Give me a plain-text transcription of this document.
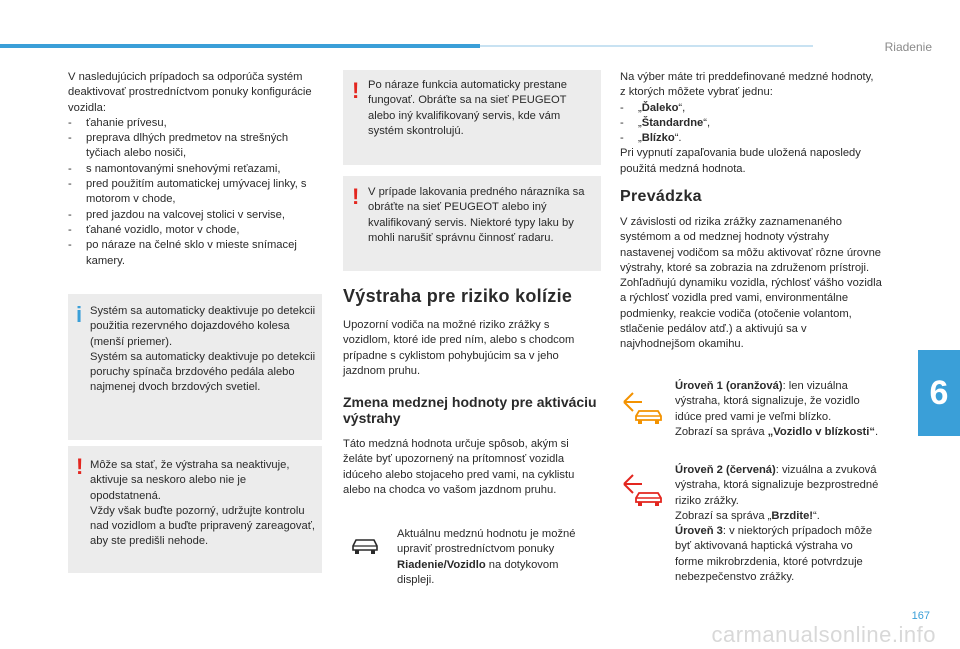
Riadenie
6
167
carmanualsonline.info

V nasledujúcich prípadoch sa odporúča systém deaktivovať prostredníctvom ponuky konfigurácie vozidla:

- ťahanie prívesu,
- preprava dlhých predmetov na strešných tyčiach alebo nosiči,
- s namontovanými snehovými reťazami,
- pred použitím automatickej umývacej linky, s motorom v chode,
- pred jazdou na valcovej stolici v servise,
- ťahané vozidlo, motor v chode,
- po náraze na čelné sklo v mieste snímacej kamery.
i Systém sa automaticky deaktivuje po detekcii použitia rezervného dojazdového kolesa (menší priemer).
Systém sa automaticky deaktivuje po detekcii poruchy spínača brzdového pedála alebo najmenej dvoch brzdových svetiel.
! Môže sa stať, že výstraha sa neaktivuje, aktivuje sa neskoro alebo nie je opodstatnená.
Vždy však buďte pozorný, udržujte kontrolu nad vozidlom a buďte pripravený zareagovať, aby ste predišli nehode.
! Po náraze funkcia automaticky prestane fungovať. Obráťte sa na sieť PEUGEOT alebo iný kvalifikovaný servis, kde vám systém skontrolujú.
! V prípade lakovania predného nárazníka sa obráťte na sieť PEUGEOT alebo iný kvalifikovaný servis. Niektoré typy laku by mohli narušiť správnu činnosť radaru.
Výstraha pre riziko kolízie
Upozorní vodiča na možné riziko zrážky s vozidlom, ktoré ide pred ním, alebo s chodcom prípadne s cyklistom pohybujúcim sa v jeho jazdnom pruhu.
Zmena medznej hodnoty pre aktiváciu výstrahy
Táto medzná hodnota určuje spôsob, akým si želáte byť upozornený na prítomnosť vozidla idúceho alebo stojaceho pred vami, na cyklistu alebo na chodca vo vašom jazdnom pruhu.
Aktuálnu medznú hodnotu je možné upraviť prostredníctvom ponuky Riadenie/Vozidlo na dotykovom displeji.

Na výber máte tri preddefinované medzné hodnoty, z ktorých môžete vybrať jednu:

- „Ďaleko“,
- „Štandardne“,
- „Blízko“.

Pri vypnutí zapaľovania bude uložená naposledy použitá medzná hodnota.

Prevádzka
V závislosti od rizika zrážky zaznamenaného systémom a od medznej hodnoty výstrahy nastavenej vodičom sa môžu aktivovať rôzne úrovne výstrahy, ktoré sa zobrazia na združenom prístroji.
Zohľadňujú dynamiku vozidla, rýchlosť vášho vozidla a rýchlosť vozidla pred vami, environmentálne podmienky, reakcie vodiča (otočenie volantom, stlačenie pedálov atď.) a aktivujú sa v najvhodnejšom okamihu.
Úroveň 1 (oranžová): len vizuálna výstraha, ktorá signalizuje, že vozidlo idúce pred vami je veľmi blízko.
Zobrazí sa správa „Vozidlo v blízkosti“.
Úroveň 2 (červená): vizuálna a zvuková výstraha, ktorá signalizuje bezprostredné riziko zrážky.
Zobrazí sa správa „Brzdite!“.
Úroveň 3: v niektorých prípadoch môže byť aktivovaná haptická výstraha vo forme mikrobrzdenia, ktoré potvrdzuje nebezpečenstvo zrážky.
